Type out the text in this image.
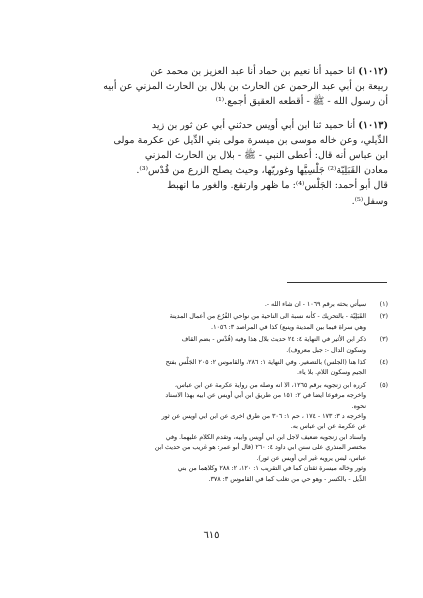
(١٠١٢) انا حميد أنا نعيم بن حماد أنا عبد العزيز بن محمد عن
ربيعة بن أبي عبد الرحمن عن الحارث بن بلال بن الحارث المزني عن أبيه
أن رسول الله - ﷺ - أقطعه العقيق أجمع.⁽¹⁾

(١٠١٣) أنا حميد ثنا ابن أبي أويس حدثني أبي عن ثور بن زيد
الدِّيلي، وعن خاله موسى بن ميسرة مولى بني الدِّيل عن عكرمة مولى
ابن عباس أنه قال: أعطى النبي - ﷺ - بلال بن الحارث المزني
معادن القَبَلِيّة⁽²⁾ جَلْسِيَّها وغوريّها، وحيث يصلح الزرع من قُدْس⁽³⁾.
قال أبو أحمد: الجَلْس⁽⁴⁾: ما ظهر وارتفع. والغور ما انهبط
وسفل⁽⁵⁾.

(١)
سيأتي بحثه برقم ١٠٦٩ - ان شاء الله -.
(٢)
القَبَلِيّة - بالتحريك - كأنه نسبة الى الناحية من نواحي الفُرُع من أعمال المدينة
وهي سراة فيما بين المدينة وينبع) كذا في المراصد ٣: ١٠٥٦.
(٣)
ذكر ابن الأثير في النهاية ٤: ٢٤ حديث بلال هذا وفيه (قُدْس - بضم القاف
وسكون الدال -: جبل معروف).
(٤)
كذا هنا (الجلس) بالتصغير. وفي النهاية ١: ٢٨٦، والقاموس ٢: ٢٠٥ الجَلْس بفتح
الجيم وسكون اللام. بلا ياء.
(٥)
كرره ابن زنجويه برقم ١٢٦٥، الا انه وصله من رواية عكرمة عن ابن عباس،
واخرجه مرفوعا ايضا في ٢: ١٥١ من طريق ابن أبي أويس عن ابيه بهذا الاسناد
نحوه.
واخرجه د ٣: ١٧٣ - ١٧٤ ، حم ١: ٣٠٦ من طرق اخرى عن ابن ابي اويس عن ثور
عن عكرمة عن ابن عباس به.
واسناد ابن زنجويه ضعيف لاجل ابن ابي أويس وابيه، وتقدم الكلام عليهما. وفي
مختصر المنذري على سنن ابي داود ٤: ٢٦٠ (قال أبو عمر: هو غريب من حديث ابن
عباس، ليس يرويه غير ابي أويس عن ثور).
وثور وخاله ميسرة ثقتان كما في التقريب ١: ١٢٠، ٢: ٢٨٨ وكلاهما من بني
الدِّيل - بالكسر - وهو حي من تغلب كما في القاموس ٣: ٣٧٨.
٦١٥
